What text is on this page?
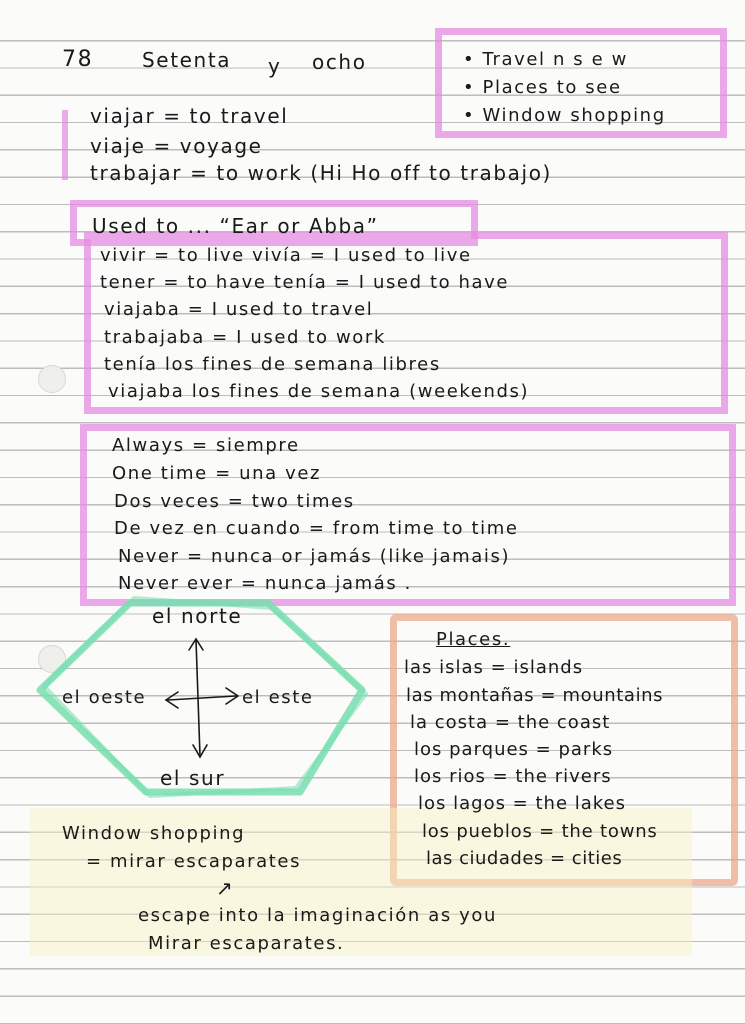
78 Setenta y ocho	• Travel n s e w
• Places to see
• Window shopping
viajar = to travel
viaje = voyage
trabajar = to work (Hi Ho off to trabajo)
Used to ... “Ear or Abba”
vivir = to live vivía = I used to live
tener = to have tenía = I used to have
viajaba = I used to travel
trabajaba = I used to work
tenía los fines de semana libres
viajaba los fines de semana (weekends)
Always = siempre
One time = una vez
Dos veces = two times
De vez en cuando = from time to time
Never = nunca or jamás (like jamais)
Never ever = nunca jamás .
el norte
el sur
el este
el oeste
Places.
las islas = islands
las montañas = mountains
la costa = the coast
los parques = parks
los rios = the rivers
los lagos = the lakes
los pueblos = the towns
las ciudades = cities
Window shopping
= mirar escaparates
↗
escape into la imaginación as you
Mirar escaparates.
